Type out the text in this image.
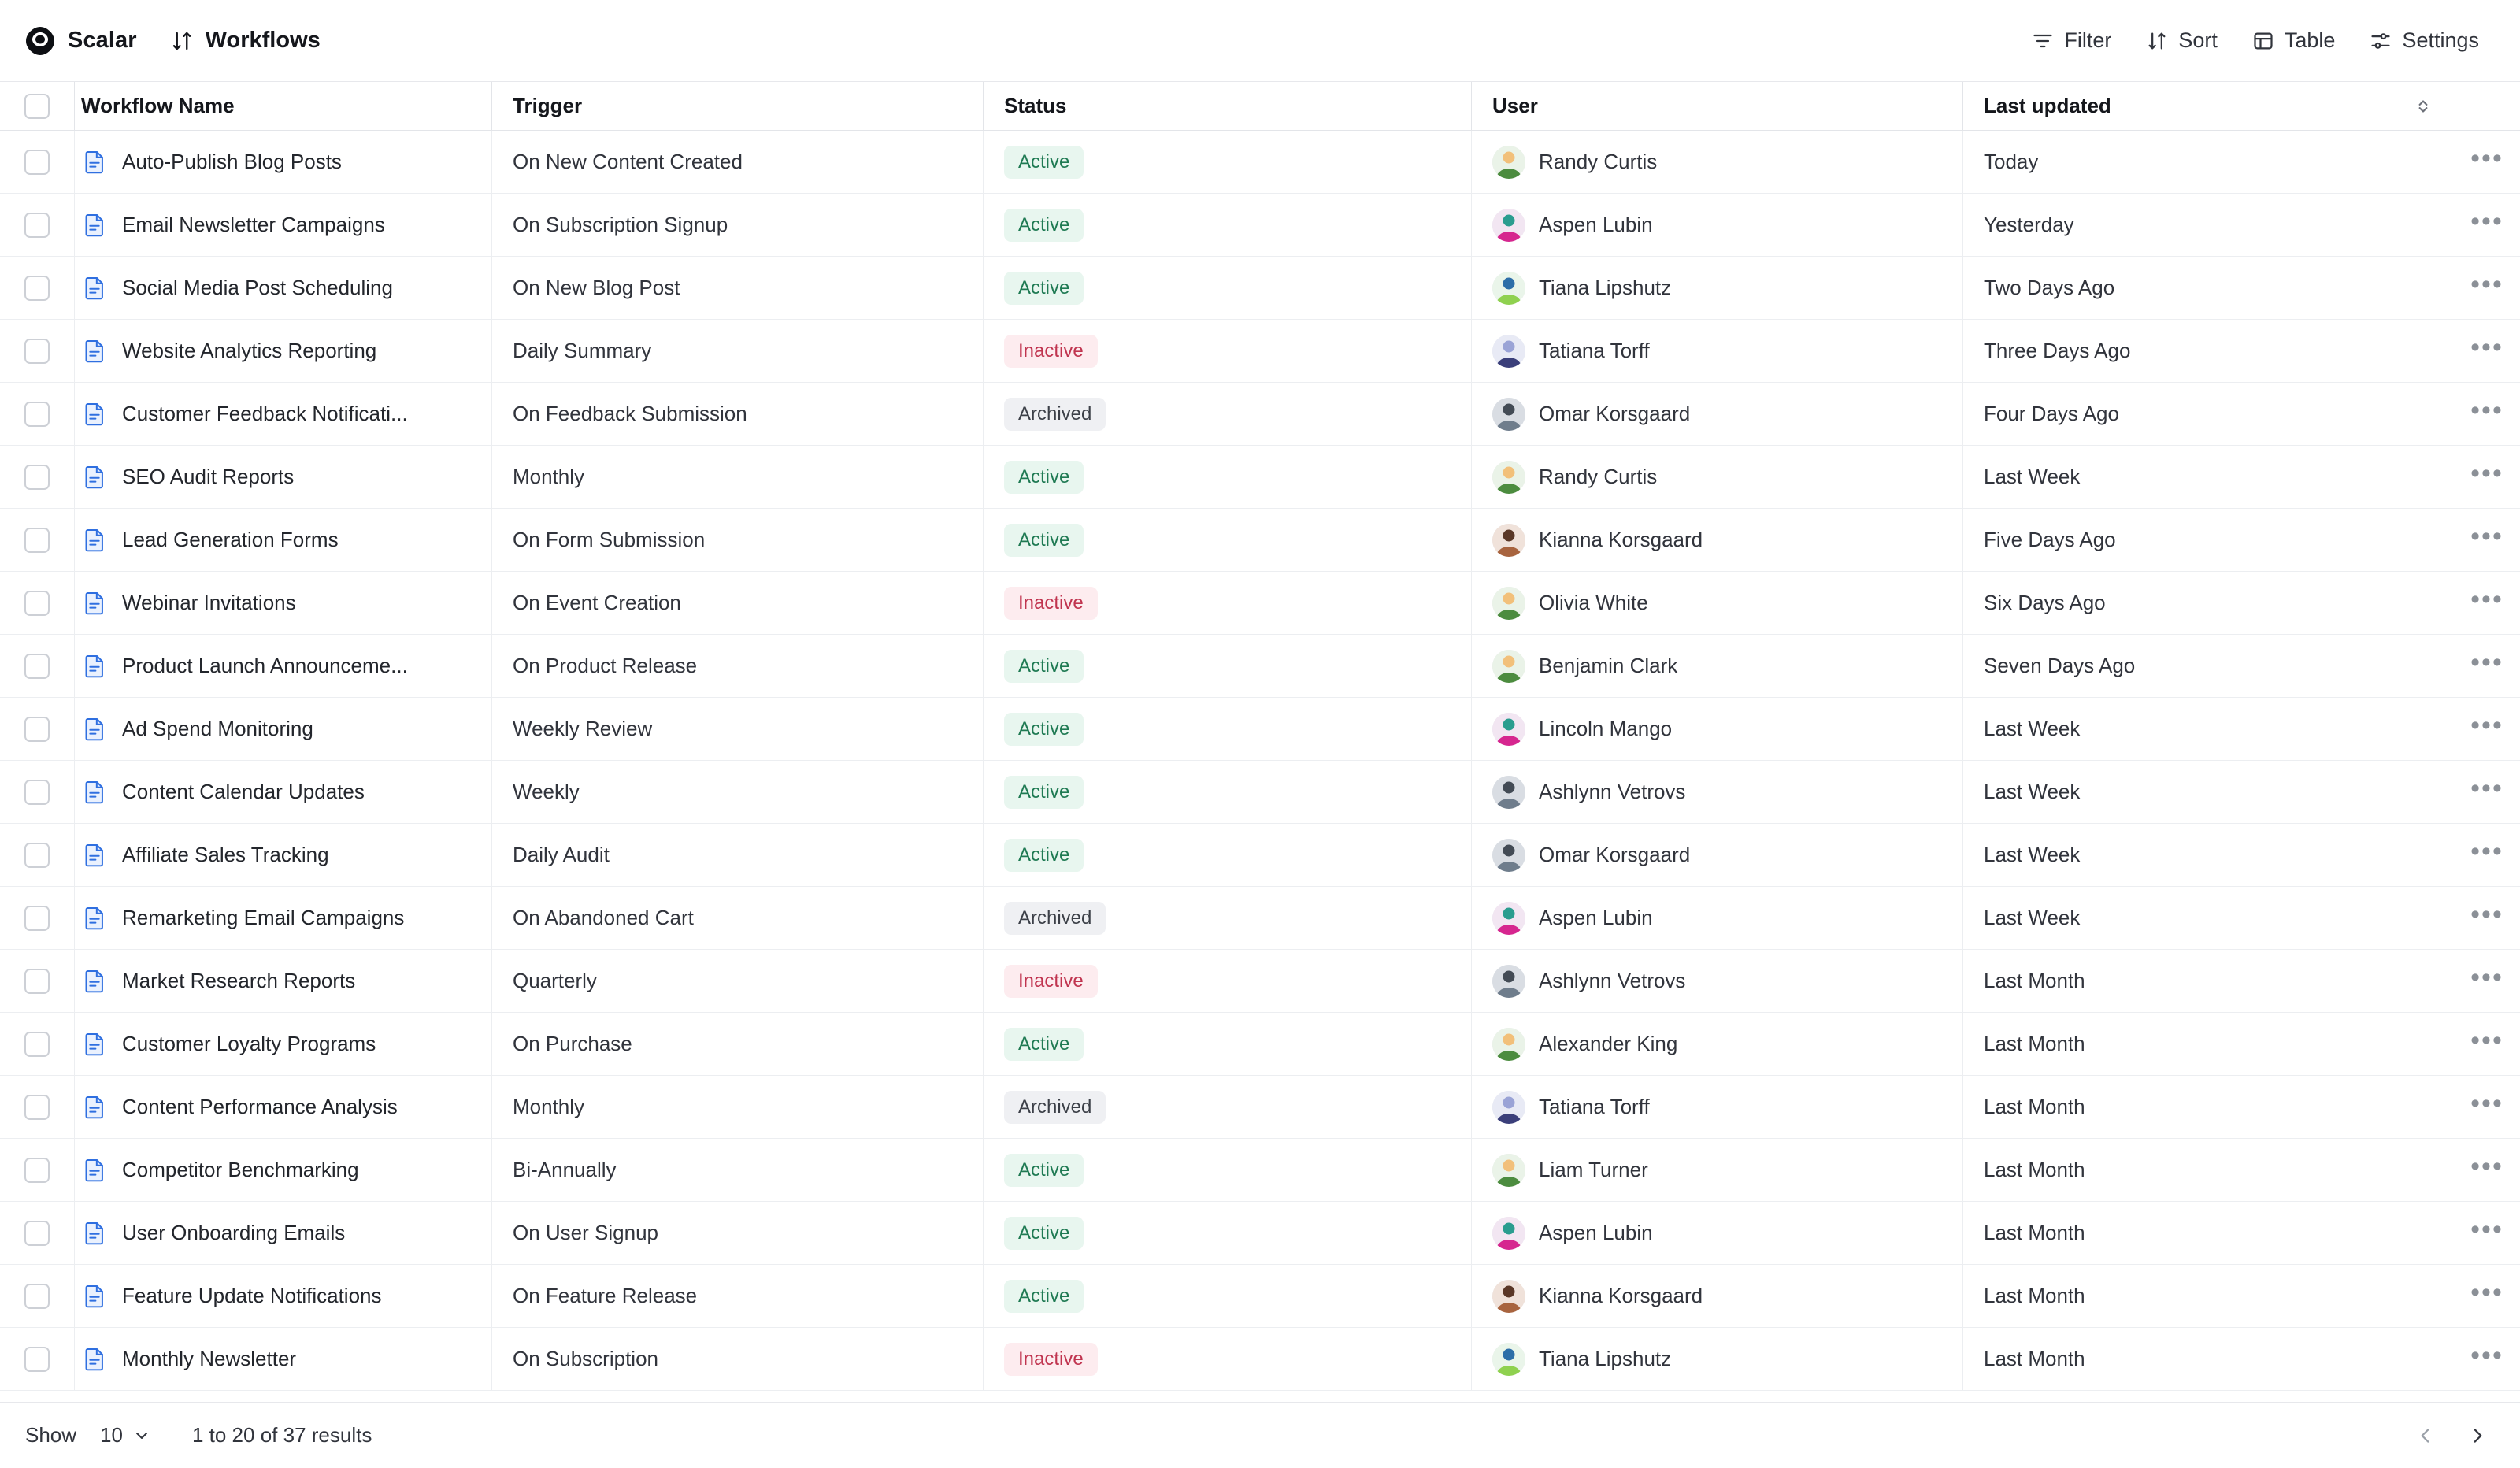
Scalar	Workflows	Filter	Sort	Table	Settings
Workflow Name	Trigger	Status	User	Last updated
Auto-Publish Blog Posts	On New Content Created	Active	Randy Curtis	Today	•••
Email Newsletter Campaigns	On Subscription Signup	Active	Aspen Lubin	Yesterday	•••
Social Media Post Scheduling	On New Blog Post	Active	Tiana Lipshutz	Two Days Ago	•••
Website Analytics Reporting	Daily Summary	Inactive	Tatiana Torff	Three Days Ago	•••
Customer Feedback Notificati...	On Feedback Submission	Archived	Omar Korsgaard	Four Days Ago	•••
SEO Audit Reports	Monthly	Active	Randy Curtis	Last Week	•••
Lead Generation Forms	On Form Submission	Active	Kianna Korsgaard	Five Days Ago	•••
Webinar Invitations	On Event Creation	Inactive	Olivia White	Six Days Ago	•••
Product Launch Announceme...	On Product Release	Active	Benjamin Clark	Seven Days Ago	•••
Ad Spend Monitoring	Weekly Review	Active	Lincoln Mango	Last Week	•••
Content Calendar Updates	Weekly	Active	Ashlynn Vetrovs	Last Week	•••
Affiliate Sales Tracking	Daily Audit	Active	Omar Korsgaard	Last Week	•••
Remarketing Email Campaigns	On Abandoned Cart	Archived	Aspen Lubin	Last Week	•••
Market Research Reports	Quarterly	Inactive	Ashlynn Vetrovs	Last Month	•••
Customer Loyalty Programs	On Purchase	Active	Alexander King	Last Month	•••
Content Performance Analysis	Monthly	Archived	Tatiana Torff	Last Month	•••
Competitor Benchmarking	Bi-Annually	Active	Liam Turner	Last Month	•••
User Onboarding Emails	On User Signup	Active	Aspen Lubin	Last Month	•••
Feature Update Notifications	On Feature Release	Active	Kianna Korsgaard	Last Month	•••
Monthly Newsletter	On Subscription	Inactive	Tiana Lipshutz	Last Month	•••
Show 10	1 to 20 of 37 results
